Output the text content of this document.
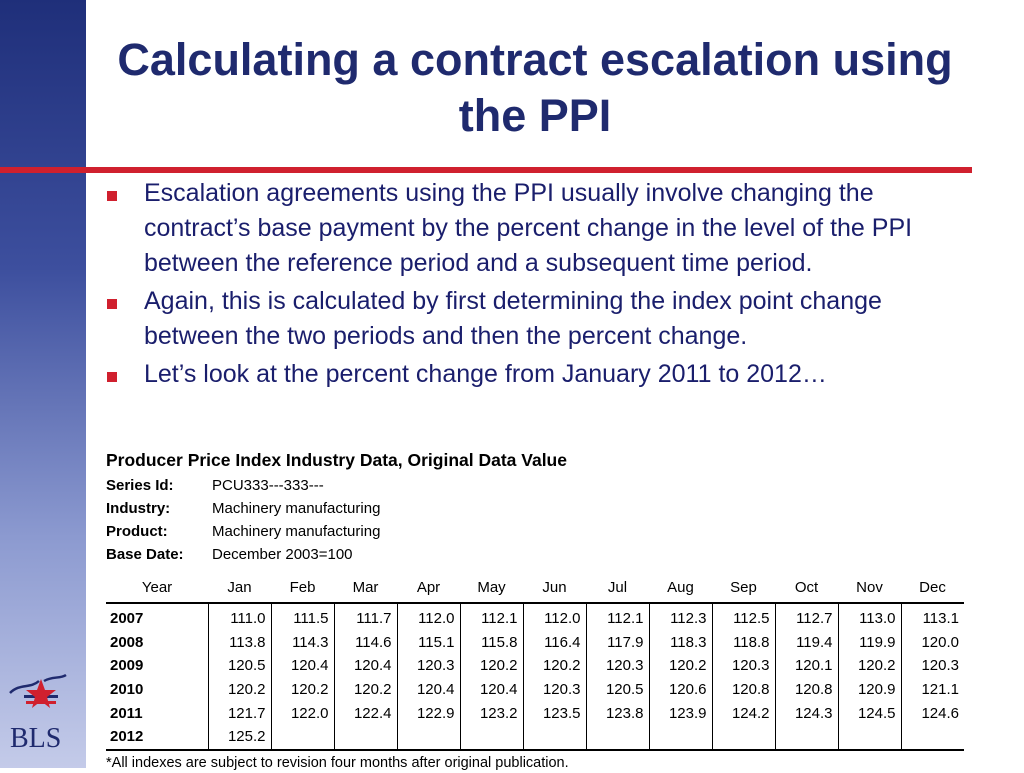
Calculating a contract escalation using the PPI
Escalation agreements using the PPI usually involve changing the contract’s base payment by the percent change in the level of the PPI between the reference period and a subsequent time period.
Again, this is calculated by first determining the index point change between the two periods and then the percent change.
Let’s look at the percent change from January 2011 to 2012…
Producer Price Index Industry Data, Original Data Value
Series Id:	PCU333---333---
Industry:	Machinery manufacturing
Product:	Machinery manufacturing
Base Date: December 2003=100
Year	Jan	Feb	Mar	Apr	May	Jun	Jul	Aug	Sep	Oct	Nov	Dec
2007	111.0	111.5	111.7	112.0	112.1	112.0	112.1	112.3	112.5	112.7	113.0	113.1
2008	113.8	114.3	114.6	115.1	115.8	116.4	117.9	118.3	118.8	119.4	119.9	120.0
2009	120.5	120.4	120.4	120.3	120.2	120.2	120.3	120.2	120.3	120.1	120.2	120.3
2010	120.2	120.2	120.2	120.4	120.4	120.3	120.5	120.6	120.8	120.8	120.9	121.1
2011	121.7	122.0	122.4	122.9	123.2	123.5	123.8	123.9	124.2	124.3	124.5	124.6
2012	125.2											
*All indexes are subject to revision four months after original publication.
BLS
